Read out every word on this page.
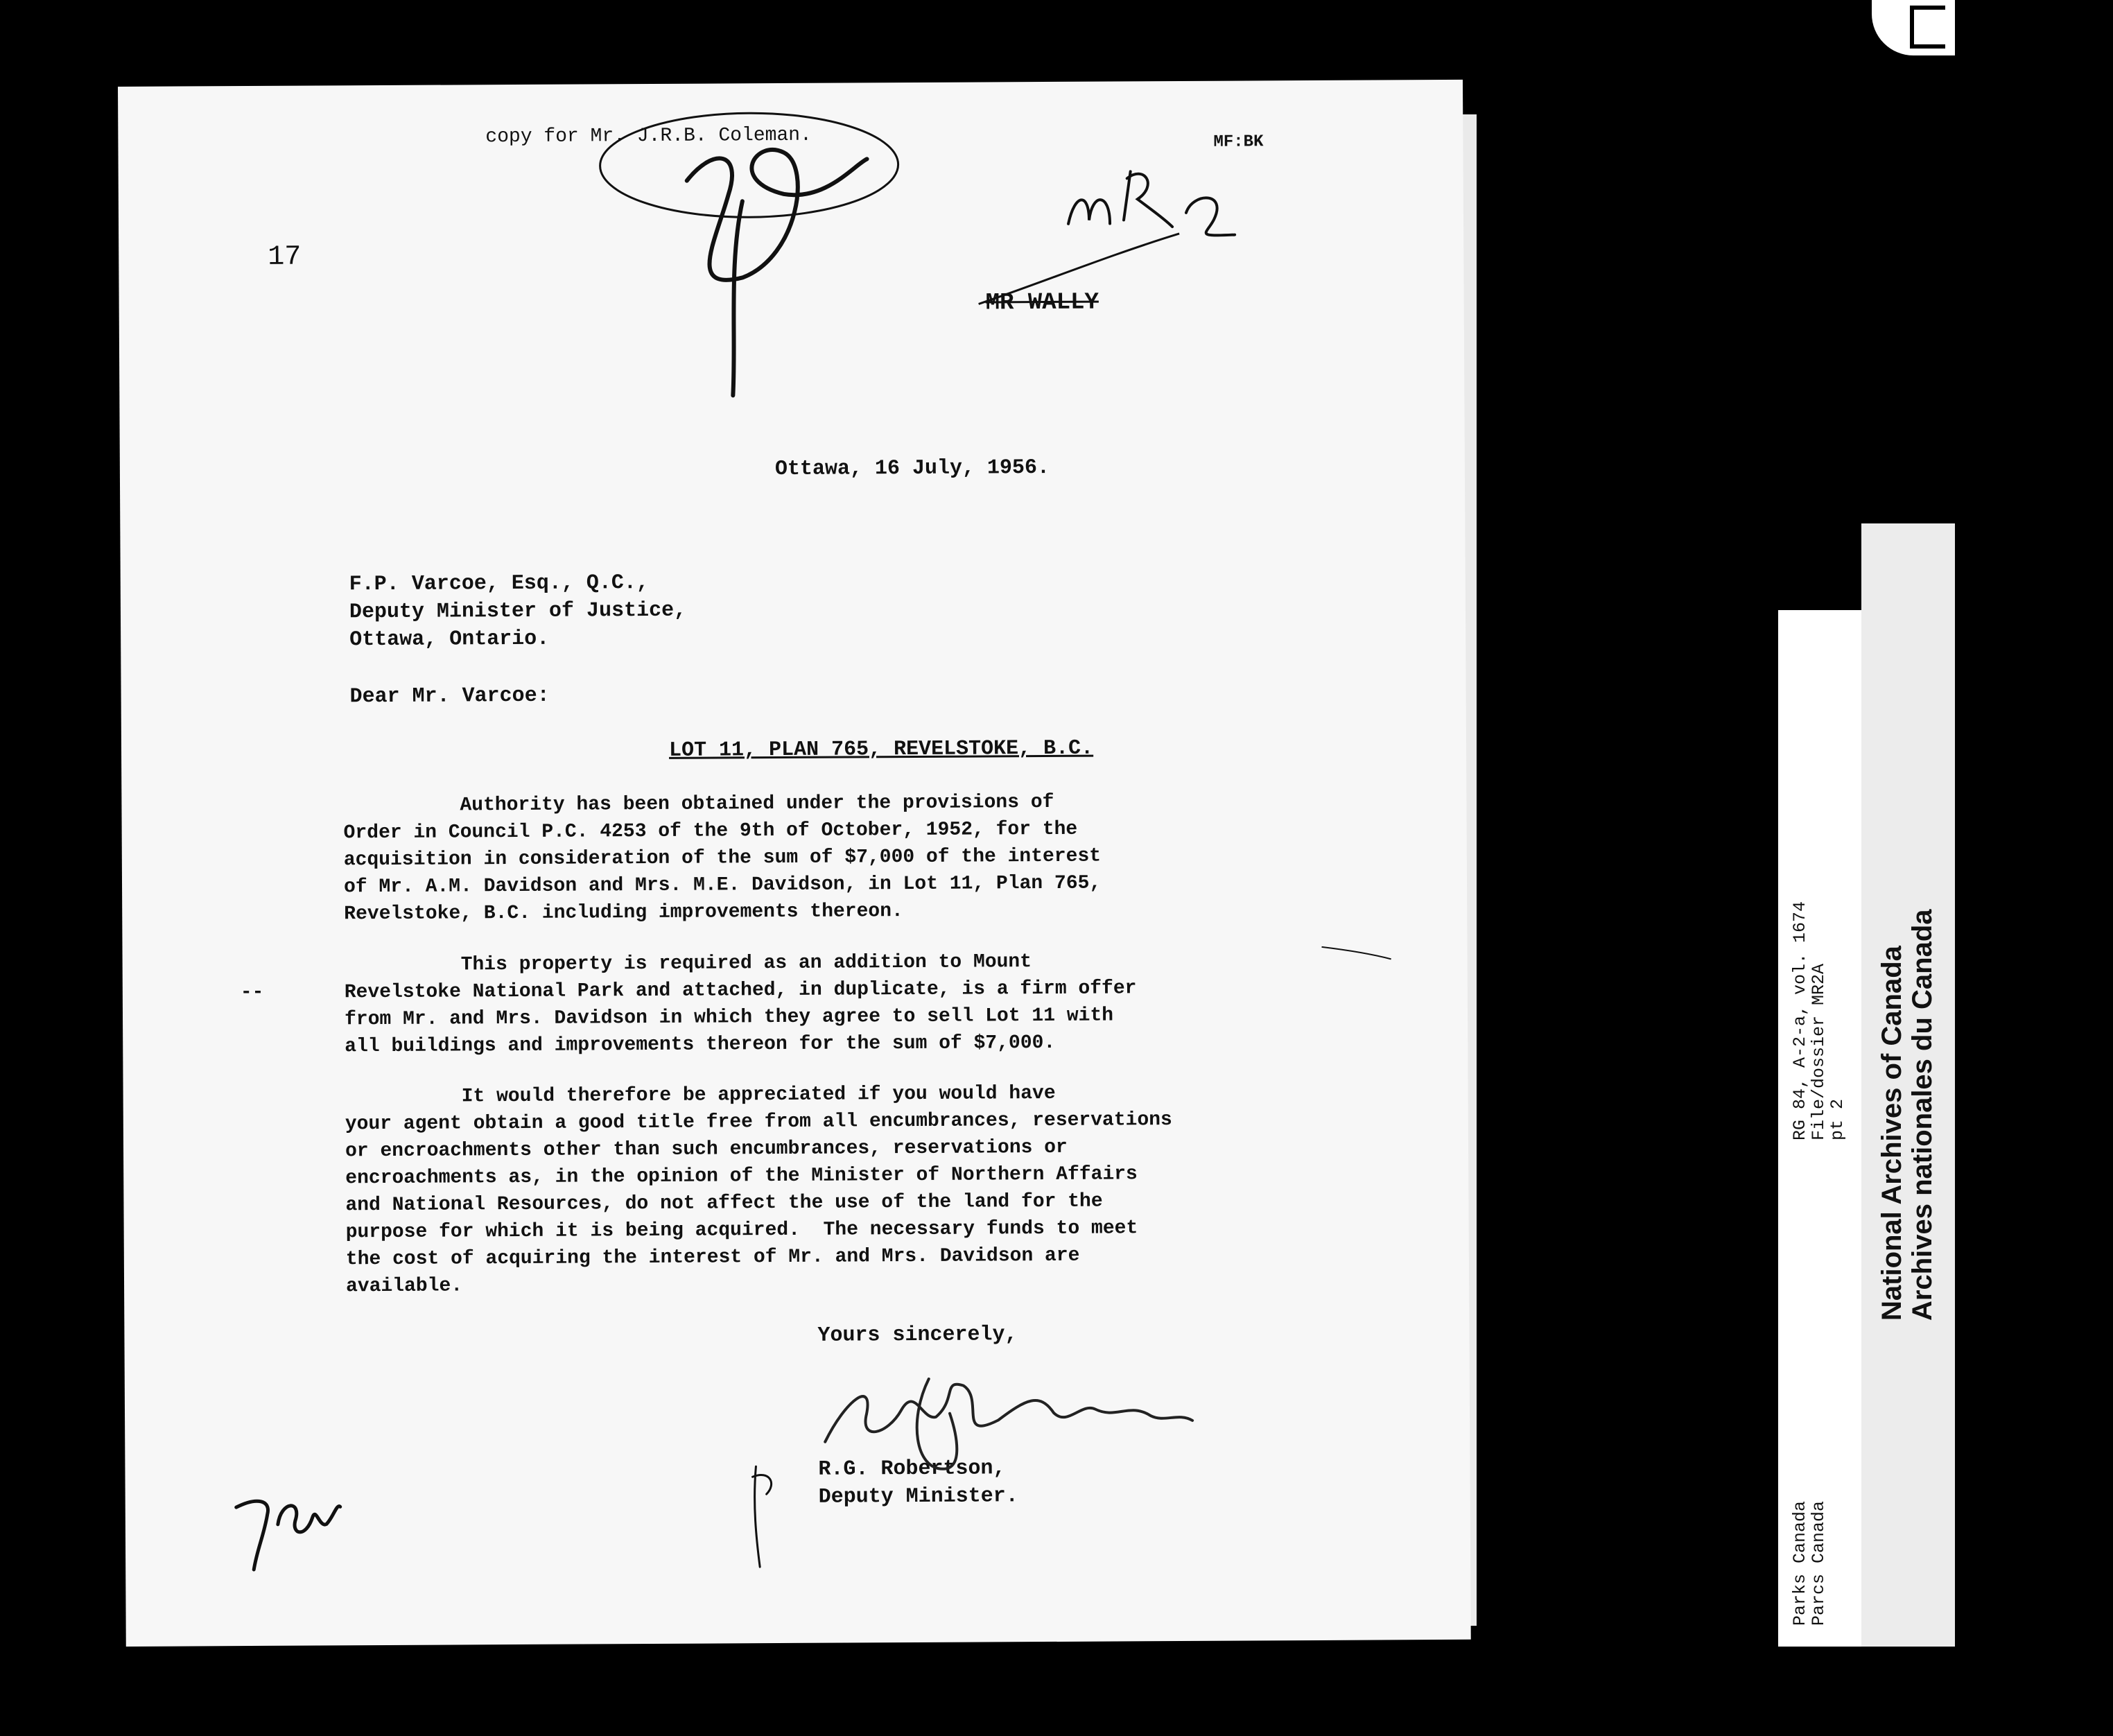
copy for Mr. J.R.B. Coleman.	MF:BK
MR WALLY
17
Ottawa, 16 July, 1956.
F.P. Varcoe, Esq., Q.C.,
Deputy Minister of Justice,
Ottawa, Ontario.
Dear Mr. Varcoe:
LOT 11, PLAN 765, REVELSTOKE, B.C.
Authority has been obtained under the provisions of
Order in Council P.C. 4253 of the 9th of October, 1952, for the
acquisition in consideration of the sum of $7,000 of the interest
of Mr. A.M. Davidson and Mrs. M.E. Davidson, in Lot 11, Plan 765,
Revelstoke, B.C. including improvements thereon.
--
This property is required as an addition to Mount
Revelstoke National Park and attached, in duplicate, is a firm offer
from Mr. and Mrs. Davidson in which they agree to sell Lot 11 with
all buildings and improvements thereon for the sum of $7,000.
It would therefore be appreciated if you would have
your agent obtain a good title free from all encumbrances, reservations
or encroachments other than such encumbrances, reservations or
encroachments as, in the opinion of the Minister of Northern Affairs
and National Resources, do not affect the use of the land for the
purpose for which it is being acquired.  The necessary funds to meet
the cost of acquiring the interest of Mr. and Mrs. Davidson are
available.
Yours sincerely,
R.G. Robertson,
Deputy Minister.
Parks Canada
Parcs Canada
RG 84, A-2-a, vol. 1674
File/dossier MR2A
pt 2 National Archives of Canada Archives nationales du Canada
